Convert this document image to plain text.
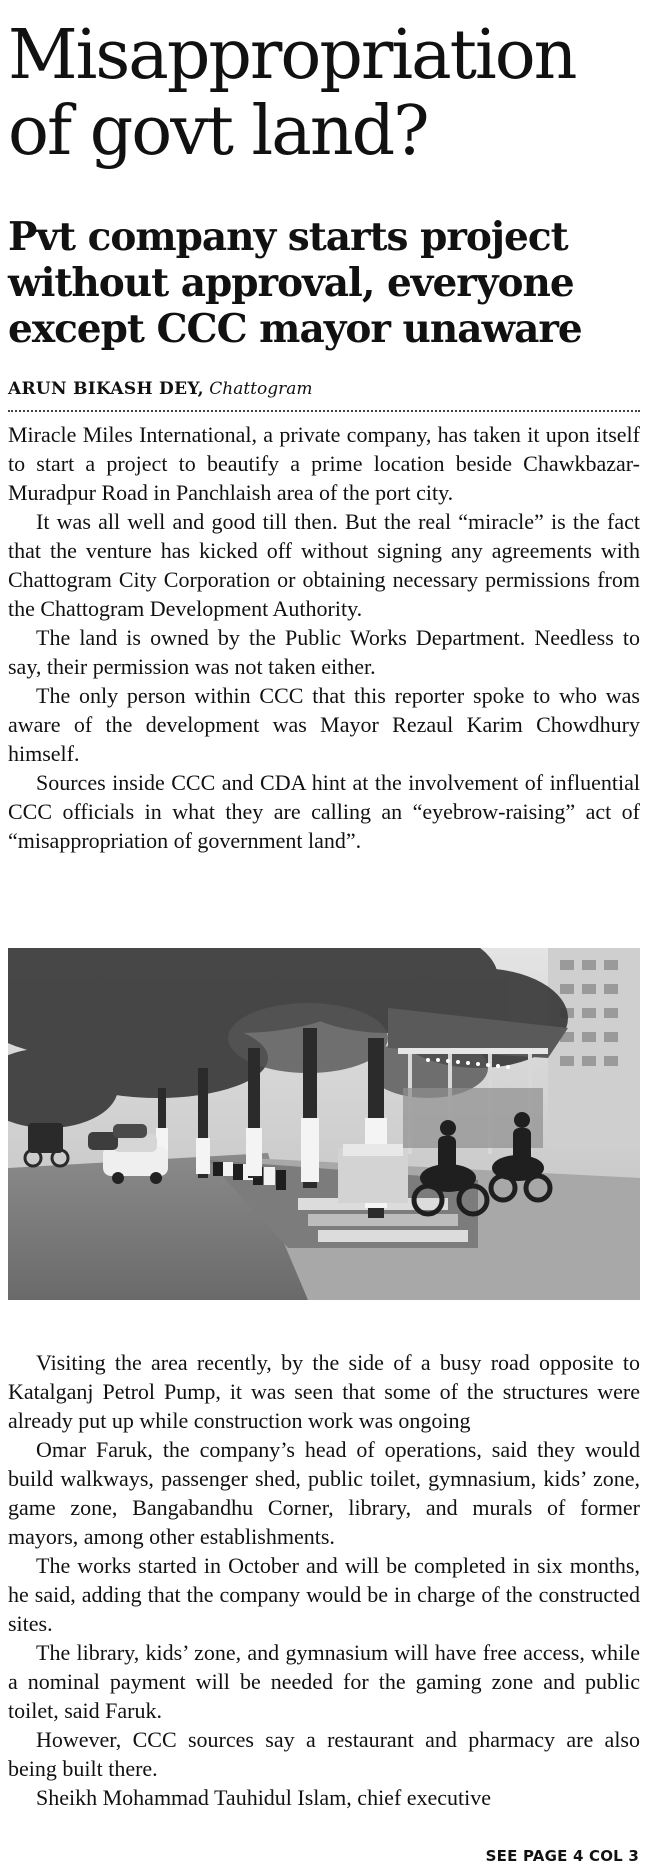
Misappropriation of govt land?
Pvt company starts project without approval, everyone except CCC mayor unaware
ARUN BIKASH DEY, Chattogram

Miracle Miles International, a private company, has taken it upon itself to start a project to beautify a prime location beside Chawkbazar-Muradpur Road in Panchlaish area of the port city.

It was all well and good till then. But the real “miracle” is the fact that the venture has kicked off without signing any agreements with Chattogram City Corporation or obtaining necessary permissions from the Chattogram Development Authority.

The land is owned by the Public Works Department. Needless to say, their permission was not taken either.

The only person within CCC that this reporter spoke to who was aware of the development was Mayor Rezaul Karim Chowdhury himself.

Sources inside CCC and CDA hint at the involvement of influential CCC officials in what they are calling an “eyebrow-raising” act of “misappropriation of government land”.

Visiting the area recently, by the side of a busy road opposite to Katalganj Petrol Pump, it was seen that some of the structures were already put up while construction work was ongoing

Omar Faruk, the company’s head of operations, said they would build walkways, passenger shed, public toilet, gymnasium, kids’ zone, game zone, Bangabandhu Corner, library, and murals of former mayors, among other establishments.

The works started in October and will be completed in six months, he said, adding that the company would be in charge of the constructed sites.

The library, kids’ zone, and gymnasium will have free access, while a nominal payment will be needed for the gaming zone and public toilet, said Faruk.

However, CCC sources say a restaurant and pharmacy are also being built there.

Sheikh Mohammad Tauhidul Islam, chief executive

SEE PAGE 4 COL 3
